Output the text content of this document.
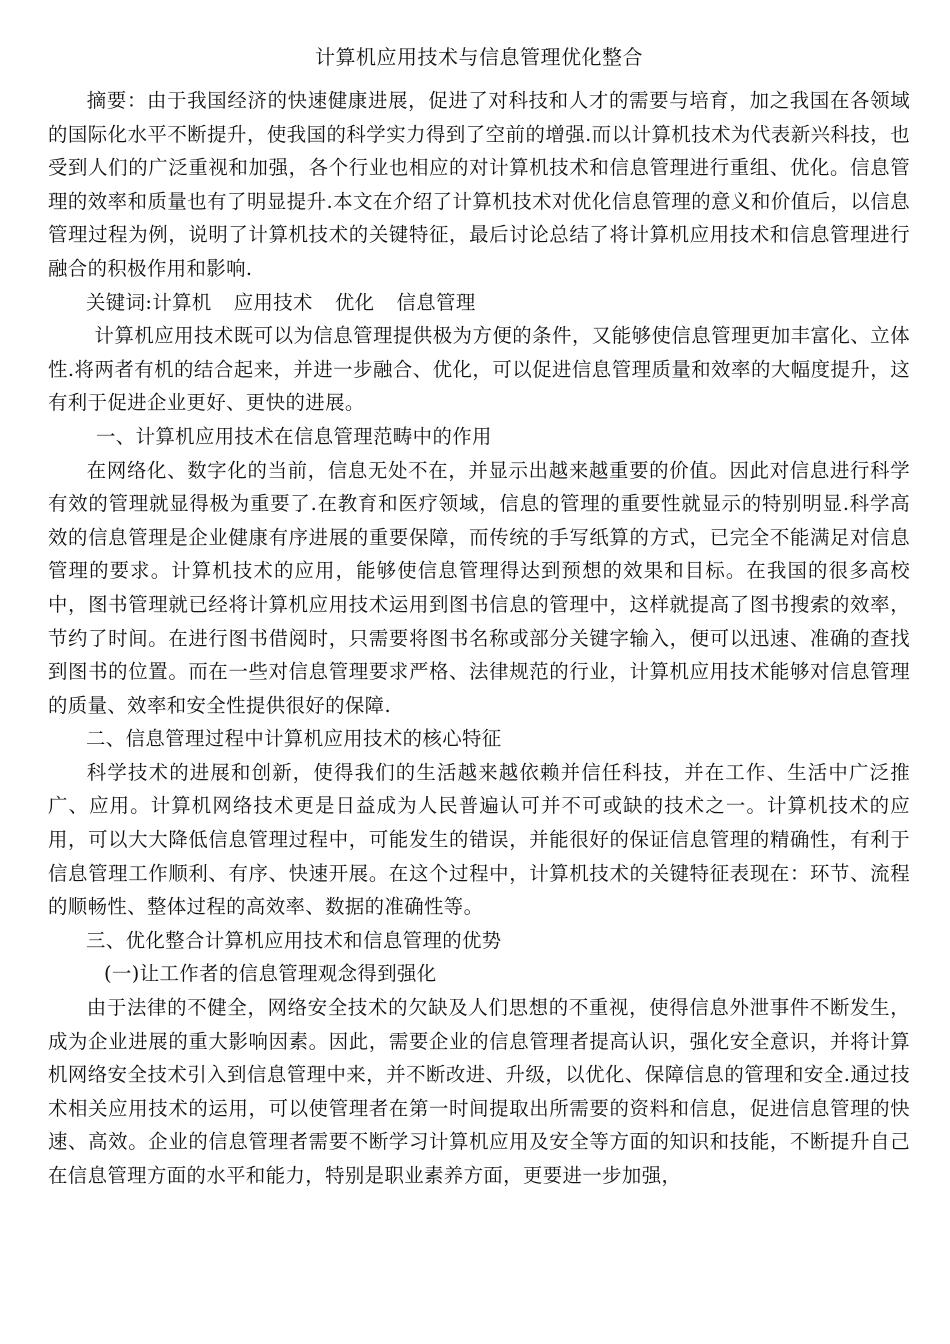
计算机应用技术与信息管理优化整合

摘要：由于我国经济的快速健康进展，促进了对科技和人才的需要与培育，加之我国在各领域的国际化水平不断提升，使我国的科学实力得到了空前的增强.而以计算机技术为代表新兴科技，也受到人们的广泛重视和加强，各个行业也相应的对计算机技术和信息管理进行重组、优化。信息管理的效率和质量也有了明显提升.本文在介绍了计算机技术对优化信息管理的意义和价值后，以信息管理过程为例，说明了计算机技术的关键特征，最后讨论总结了将计算机应用技术和信息管理进行融合的积极作用和影响.

关键词:计算机 应用技术 优化 信息管理

计算机应用技术既可以为信息管理提供极为方便的条件，又能够使信息管理更加丰富化、立体性.将两者有机的结合起来，并进一步融合、优化，可以促进信息管理质量和效率的大幅度提升，这有利于促进企业更好、更快的进展。

一、计算机应用技术在信息管理范畴中的作用

在网络化、数字化的当前，信息无处不在，并显示出越来越重要的价值。因此对信息进行科学有效的管理就显得极为重要了.在教育和医疗领域，信息的管理的重要性就显示的特别明显.科学高效的信息管理是企业健康有序进展的重要保障，而传统的手写纸算的方式，已完全不能满足对信息管理的要求。计算机技术的应用，能够使信息管理得达到预想的效果和目标。在我国的很多高校中，图书管理就已经将计算机应用技术运用到图书信息的管理中，这样就提高了图书搜索的效率，节约了时间。在进行图书借阅时，只需要将图书名称或部分关键字输入，便可以迅速、准确的查找到图书的位置。而在一些对信息管理要求严格、法律规范的行业，计算机应用技术能够对信息管理的质量、效率和安全性提供很好的保障.

二、信息管理过程中计算机应用技术的核心特征

科学技术的进展和创新，使得我们的生活越来越依赖并信任科技，并在工作、生活中广泛推广、应用。计算机网络技术更是日益成为人民普遍认可并不可或缺的技术之一。计算机技术的应用，可以大大降低信息管理过程中，可能发生的错误，并能很好的保证信息管理的精确性，有利于信息管理工作顺利、有序、快速开展。在这个过程中，计算机技术的关键特征表现在：环节、流程的顺畅性、整体过程的高效率、数据的准确性等。

三、优化整合计算机应用技术和信息管理的优势
(一)让工作者的信息管理观念得到强化

由于法律的不健全，网络安全技术的欠缺及人们思想的不重视，使得信息外泄事件不断发生，成为企业进展的重大影响因素。因此，需要企业的信息管理者提高认识，强化安全意识，并将计算机网络安全技术引入到信息管理中来，并不断改进、升级，以优化、保障信息的管理和安全.通过技术相关应用技术的运用，可以使管理者在第一时间提取出所需要的资料和信息，促进信息管理的快速、高效。企业的信息管理者需要不断学习计算机应用及安全等方面的知识和技能，不断提升自己在信息管理方面的水平和能力，特别是职业素养方面，更要进一步加强，
